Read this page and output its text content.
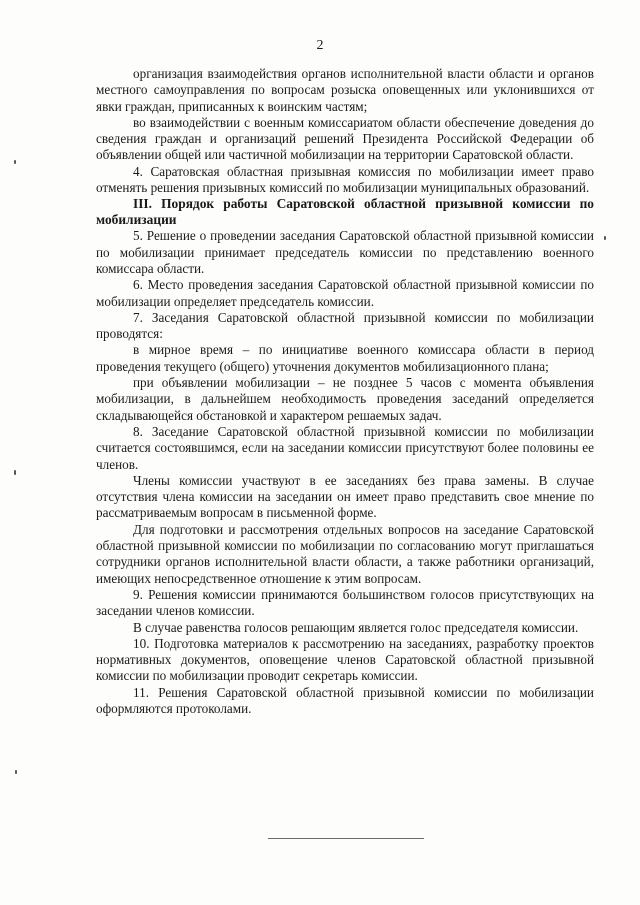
2

организация взаимодействия органов исполнительной власти области и органов местного самоуправления по вопросам розыска оповещенных или уклонившихся от явки граждан, приписанных к воинским частям;

во взаимодействии с военным комиссариатом области обеспечение доведения до сведения граждан и организаций решений Президента Российской Федерации об объявлении общей или частичной мобилизации на территории Саратовской области.

4. Саратовская областная призывная комиссия по мобилизации имеет право отменять решения призывных комиссий по мобилизации муниципальных образований.

III. Порядок работы Саратовской областной призывной комиссии по мобилизации

5. Решение о проведении заседания Саратовской областной призывной комиссии по мобилизации принимает председатель комиссии по представлению военного комиссара области.

6. Место проведения заседания Саратовской областной призывной комиссии по мобилизации определяет председатель комиссии.

7. Заседания Саратовской областной призывной комиссии по мобилизации проводятся:

в мирное время – по инициативе военного комиссара области в период проведения текущего (общего) уточнения документов мобилизационного плана;

при объявлении мобилизации – не позднее 5 часов с момента объявления мобилизации, в дальнейшем необходимость проведения заседаний определяется складывающейся обстановкой и характером решаемых задач.

8. Заседание Саратовской областной призывной комиссии по мобилизации считается состоявшимся, если на заседании комиссии присутствуют более половины ее членов.

Члены комиссии участвуют в ее заседаниях без права замены. В случае отсутствия члена комиссии на заседании он имеет право представить свое мнение по рассматриваемым вопросам в письменной форме.

Для подготовки и рассмотрения отдельных вопросов на заседание Саратовской областной призывной комиссии по мобилизации по согласованию могут приглашаться сотрудники органов исполнительной власти области, а также работники организаций, имеющих непосредственное отношение к этим вопросам.

9. Решения комиссии принимаются большинством голосов присутствующих на заседании членов комиссии.

В случае равенства голосов решающим является голос председателя комиссии.

10. Подготовка материалов к рассмотрению на заседаниях, разработку проектов нормативных документов, оповещение членов Саратовской областной призывной комиссии по мобилизации проводит секретарь комиссии.

11. Решения Саратовской областной призывной комиссии по мобилизации оформляются протоколами.
